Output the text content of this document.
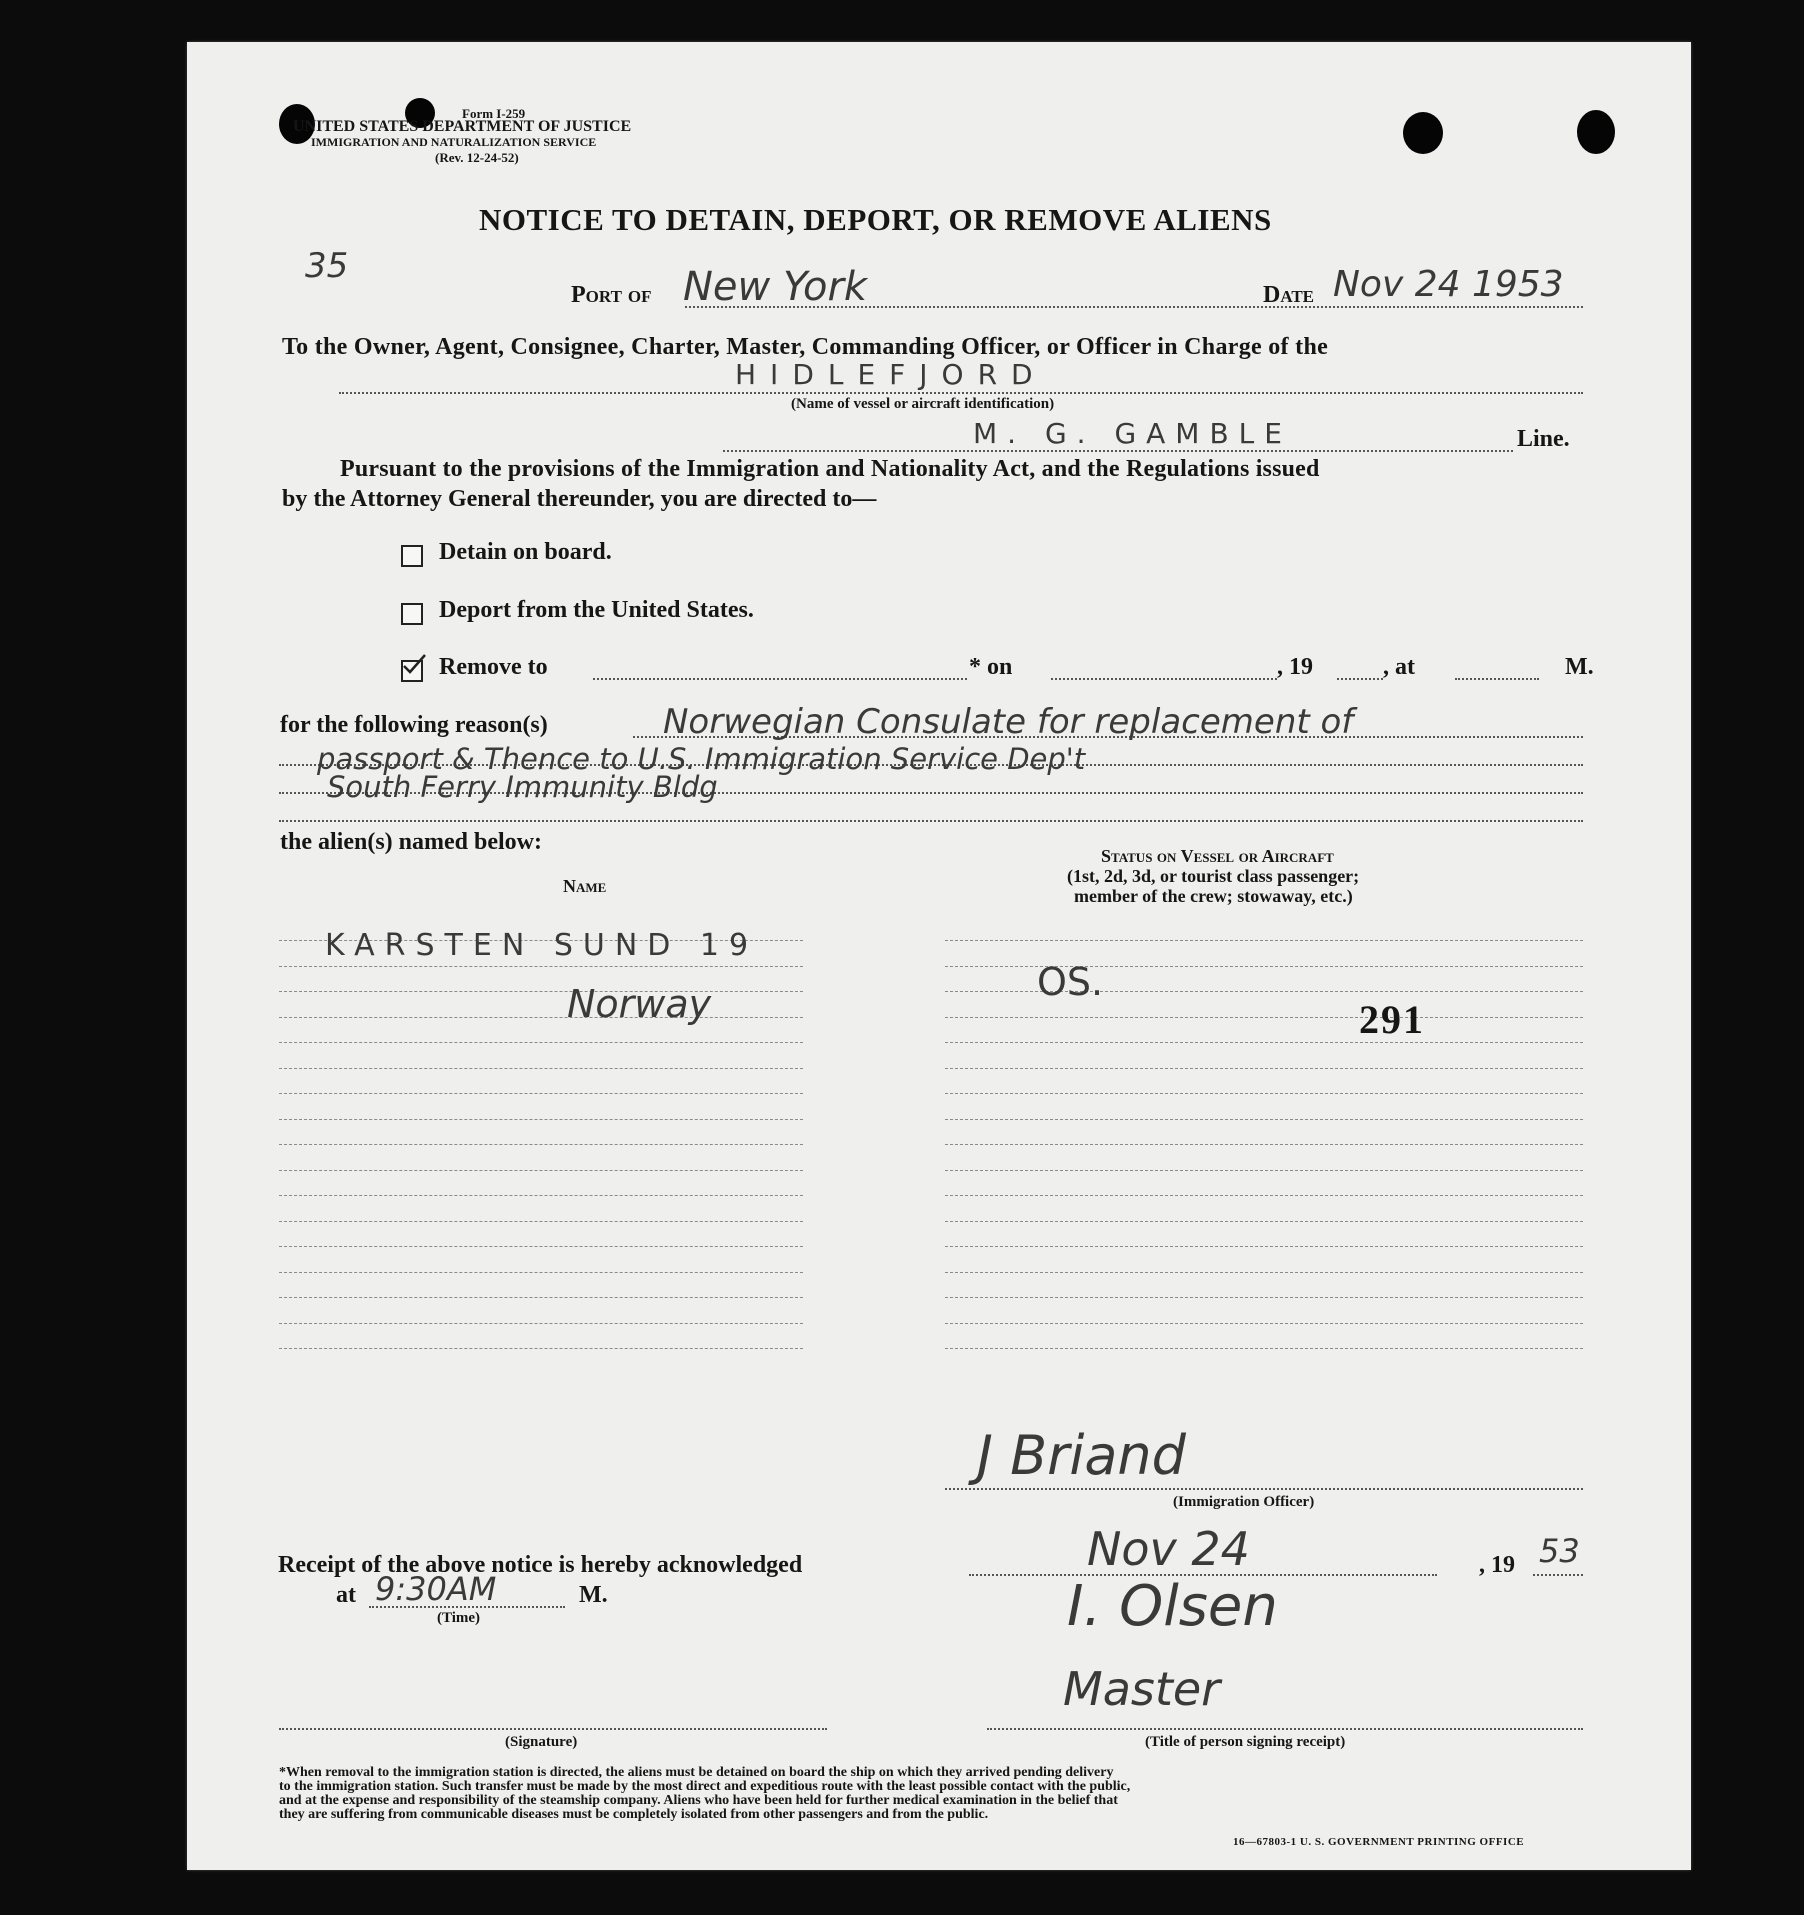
Form I-259
UNITED STATES DEPARTMENT OF JUSTICE
IMMIGRATION AND NATURALIZATION SERVICE
(Rev. 12-24-52)
NOTICE TO DETAIN, DEPORT, OR REMOVE ALIENS
35
Port of New York	Date Nov 24 1953
To the Owner, Agent, Consignee, Charter, Master, Commanding Officer, or Officer in Charge of the
HIDLEFJORD
(Name of vessel or aircraft identification)
M. G. GAMBLE	Line.
Pursuant to the provisions of the Immigration and Nationality Act, and the Regulations issued
by the Attorney General thereunder, you are directed to—
Detain on board.
Deport from the United States.
Remove to	* on	, 19	, at	M.
for the following reason(s)	Norwegian Consulate for replacement of
passport & Thence to U.S. Immigration Service Dep't
South Ferry Immunity Bldg
the alien(s) named below:
Name
Status on Vessel or Aircraft
(1st, 2d, 3d, or tourist class passenger;
member of the crew; stowaway, etc.)
KARSTEN SUND 19
Norway	OS.
291
J Briand
(Immigration Officer)
Receipt of the above notice is hereby acknowledged	Nov 24	, 19 53
at 9:30AM	M.
(Time)	I. Olsen
Master
(Signature)	(Title of person signing receipt)
*When removal to the immigration station is directed, the aliens must be detained on board the ship on which they arrived pending delivery
to the immigration station. Such transfer must be made by the most direct and expeditious route with the least possible contact with the public,
and at the expense and responsibility of the steamship company. Aliens who have been held for further medical examination in the belief that
they are suffering from communicable diseases must be completely isolated from other passengers and from the public.
16—67803-1 U. S. GOVERNMENT PRINTING OFFICE
